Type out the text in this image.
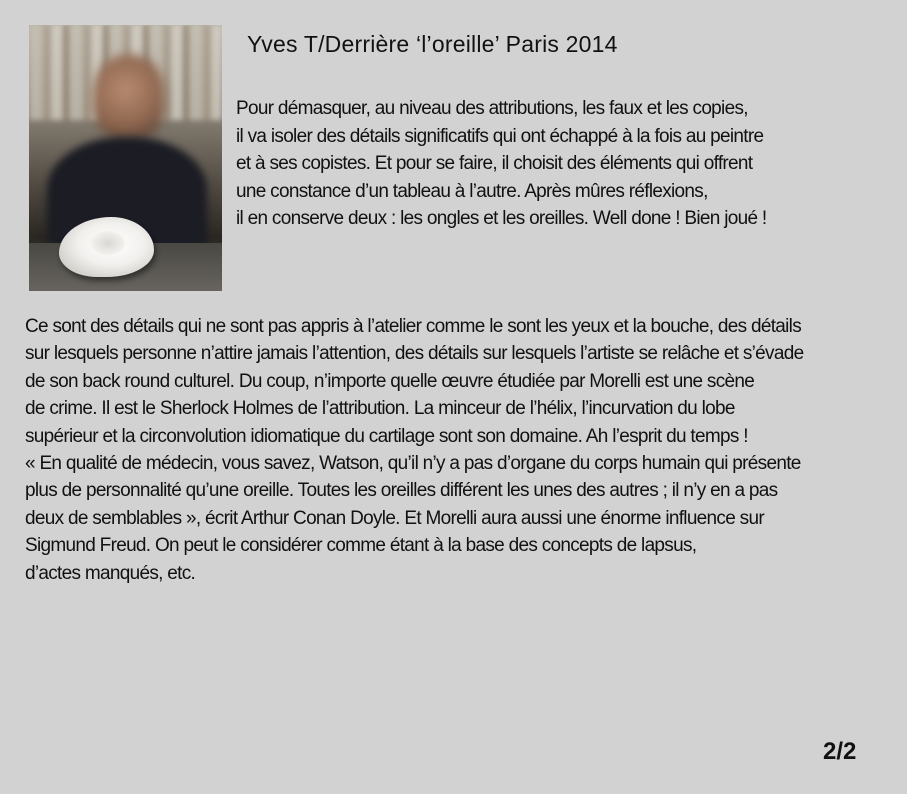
Yves T/Derrière ‘l’oreille’ Paris 2014

Pour démasquer, au niveau des attributions, les faux et les copies,
il va isoler des détails significatifs qui ont échappé à la fois au peintre
et à ses copistes. Et pour se faire, il choisit des éléments qui offrent
une constance d’un tableau à l’autre. Après mûres réflexions,
il en conserve deux : les ongles et les oreilles. Well done ! Bien joué !

Ce sont des détails qui ne sont pas appris à l’atelier comme le sont les yeux et la bouche, des détails
sur lesquels personne n’attire jamais l’attention, des détails sur lesquels l’artiste se relâche et s’évade
de son back round culturel. Du coup, n’importe quelle œuvre étudiée par Morelli est une scène
de crime. Il est le Sherlock Holmes de l’attribution. La minceur de l’hélix, l’incurvation du lobe
supérieur et la circonvolution idiomatique du cartilage sont son domaine. Ah l’esprit du temps !
« En qualité de médecin, vous savez, Watson, qu’il n’y a pas d’organe du corps humain qui présente
plus de personnalité qu’une oreille. Toutes les oreilles différent les unes des autres ; il n’y en a pas
deux de semblables », écrit Arthur Conan Doyle. Et Morelli aura aussi une énorme influence sur
Sigmund Freud. On peut le considérer comme étant à la base des concepts de lapsus,
d’actes manqués, etc.

2/2
